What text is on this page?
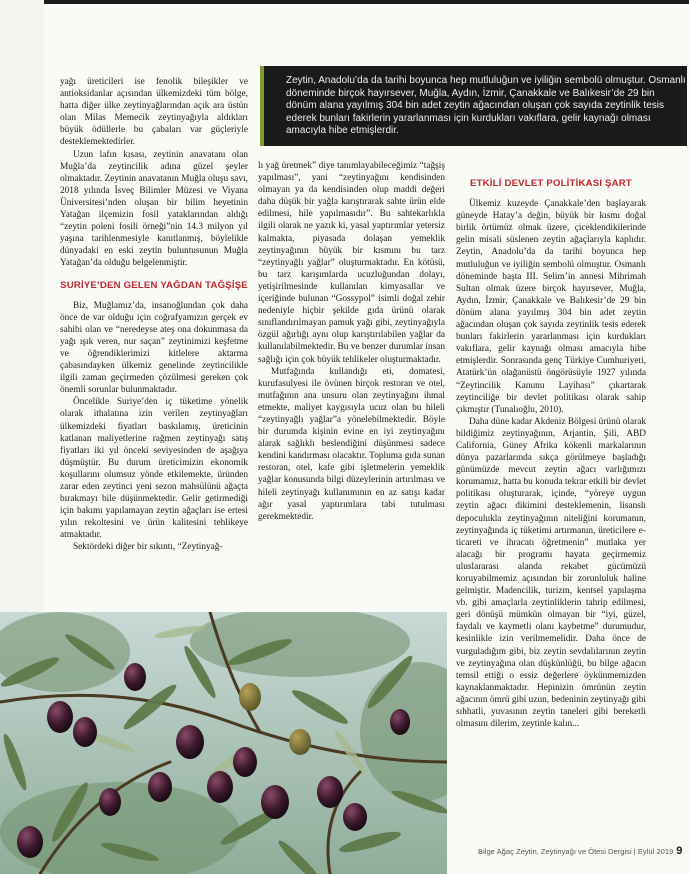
Zeytin, Anadolu’da da tarihi boyunca hep mutluluğun ve iyiliğin sembolü olmuştur. Osmanlı döneminde birçok hayırsever, Muğla, Aydın, İzmir, Çanakkale ve Balıkesir’de 29 bin dönüm alana yayılmış 304 bin adet zeytin ağacından oluşan çok sayıda zeytinlik tesis ederek bunları fakirlerin yararlanması için kurdukları vakıflara, gelir kaynağı olması amacıyla hibe etmişlerdir.

yağı üreticileri ise fenolik bileşikler ve antioksidanlar açısından ülkemizdeki tüm bölge, hatta diğer ülke zeytinyağlarından açık ara üstün olan Milas Memecik zeytinyağıyla aldıkları büyük ödüllerle bu çabaları var güçleriyle desteklemektedirler.

Uzun lafın kısası, zeytinin anavatanı olan Muğla’da zeytincilik adına güzel şeyler olmaktadır. Zeytinin anavatanın Muğla oluşu savı, 2018 yılında İsveç Bilimler Müzesi ve Viyana Üniversitesi’nden oluşan bir bilim heyetinin Yatağan ilçemizin fosil yataklarından aldığı “zeytin poleni fosili örneği”nin 14.3 milyon yıl yaşına tarihlenmesiyle kanıtlanmış, böylelikle dünyadaki en eski zeytin buluntusunun Muğla Yatağan’da olduğu belgelenmiştir.

SURİYE’DEN GELEN YAĞDAN TAĞŞİŞE

Biz, Muğlamız’da, insanoğlundan çok daha önce de var olduğu için coğrafyamızın gerçek ev sahibi olan ve “neredeyse ateş ona dokunmasa da yağı ışık veren, nur saçan” zeytinimizi keşfetme ve öğrendiklerimizi kitlelere aktarma çabasındayken ülkemiz genelinde zeytincilikle ilgili zaman geçirmeden çözülmesi gereken çok önemli sorunlar bulunmaktadır.

Öncelikle Suriye’den iç tüketime yönelik olarak ithalatına izin verilen zeytinyağları ülkemizdeki fiyatları baskılamış, üreticinin katlanan maliyetlerine rağmen zeytinyağı satış fiyatları iki yıl önceki seviyesinden de aşağıya düşmüştür. Bu durum üreticimizin ekonomik koşullarını olumsuz yönde etkilemekte, üründen zarar eden zeytinci yeni sezon mahsülünü ağaçta bırakmayı bile düşünmektedir. Gelir getirmediği için bakımı yapılamayan zeytin ağaçları ise ertesi yılın rekoltesini ve ürün kalitesini tehlikeye atmaktadır.

Sektördeki diğer bir sıkıntı, “Zeytinyağ-

lı yağ üretmek” diye tanımlayabileceğimiz “tağşiş yapılması”, yani “zeytinyağını kendisinden olmayan ya da kendisinden olup maddi değeri daha düşük bir yağla karıştırarak sahte ürün elde edilmesi, hile yapılmasıdır”. Bu sahtekarlıkla ilgili olarak ne yazık ki, yasal yaptırımlar yetersiz kalmakta, piyasada dolaşan yemeklik zeytinyağının büyük bir kısmını bu tarz “zeytinyağlı yağlar” oluşturmaktadır. En kötüsü, bu tarz karışımlarda ucuzluğundan dolayı, yetişirilmesinde kullanılan kimyasallar ve içeriğinde bulunan “Gossypol” isimli doğal zehir nedeniyle hiçbir şekilde gıda ürünü olarak sınıflandırılmayan pamuk yağı gibi, zeytinyağıyla özgül ağırlığı aynı olup karıştırılabilen yağlar da kullanılabilmektedir. Bu ve benzer durumlar insan sağlığı için çok büyük tehlikeler oluşturmaktadır.

Mutfağında kullandığı eti, domatesi, kurufasulyesi ile övünen birçok restoran ve otel, mutfağının ana unsuru olan zeytinyağını ihmal etmekte, maliyet kaygısıyla ucuz olan bu hileli “zeytinyağlı yağlar”a yönelebilmektedir. Böyle bir durumda kişinin evine en iyi zeytinyağını alarak sağlıklı beslendiğini düşünmesi sadece kendini kandırması olacaktır. Topluma gıda sunan restoran, otel, kafe gibi işletmelerin yemeklik yağlar konusunda bilgi düzeylerinin artırılması ve hileli zeytinyağı kullanımının en az satışı kadar ağır yasal yaptırımlara tabi tutulması gerekmektedir.

ETKİLİ DEVLET POLİTİKASI ŞART

Ülkemiz kuzeyde Çanakkale’den başlayarak güneyde Hatay’a değin, büyük bir kısmı doğal birlik örtümüz olmak üzere, çiceklendikilerinde gelin misali süslenen zeytin ağaçlarıyla kaplıdır. Zeytin, Anadolu’da da tarihi boyunca hep mutluluğun ve iyiliğin sembolü olmuştur. Osmanlı döneminde başta III. Selim’in annesi Mihrimah Sultan olmak üzere birçok hayırsever, Muğla, Aydın, İzmir, Çanakkale ve Balıkesir’de 29 bin dönüm alana yayılmış 304 bin adet zeytin ağacından oluşan çok sayıda zeytinlik tesis ederek bunları fakirlerin yararlanması için kurdukları vakıflara, gelir kaynağı olması amacıyla hibe etmişlerdir. Sonrasında genç Türkiye Cumhuriyeti, Atatürk’ün olağanüstü öngörüsüyle 1927 yılında “Zeytincilik Kanunu Layihası” çıkartarak zeytinciliğe bir devlet politikası olarak sahip çıkmıştır (Tunalıoğlu, 2010).

Daha düne kadar Akdeniz Bölgesi ürünü olarak bildiğimiz zeytinyağının, Arjantin, Şili, ABD California, Güney Afrika kökenli markalarının dünya pazarlarında sıkça görülmeye başladığı günümüzde mevcut zeytin ağacı varlığımızı korumamız, hatta bu konuda tekrar etkili bir devlet politikası oluşturarak, içinde, “yöreye uygun zeytin ağacı dikimini desteklemenin, lisanslı depoculukla zeytinyağının niteliğini korumanın, zeytinyağında iç tüketimi artırmanın, üreticilere e-ticareti ve ihracatı öğretmenin” mutlaka yer alacağı bir programı hayata geçirmemiz uluslararası alanda rekabet gücümüzü koruyabilmemiz açısından bir zorunluluk haline gelmiştir. Madencilik, turizm, kentsel yapılaşma vb. gibi amaçlarla zeytinliklerin tahrip edilmesi, geri dönüşü mümkün olmayan bir “iyi, güzel, faydalı ve kaymetli olanı kaybetme” durumudur, kesinlikle izin verilmemelidir. Daha önce de vurguladığım gibi, biz zeytin sevdalılarının zeytin ve zeytinyağına olan düşkünlüğü, bu bilge ağacın temsil ettiği o essiz değerlere öykünmemizden kaynaklanmaktadır. Hepinizin ömrünün zeytin ağacının ömrü gibi uzun, bedeninin zeytinyağı gibi sıhhatli, yuvasının zeytin taneleri gibi bereketli olmasını dilerim, zeytinle kalın...

Bilge Ağaç Zeytin, Zeytinyağı ve Ötesi Dergisi | Eylül 2019 9
